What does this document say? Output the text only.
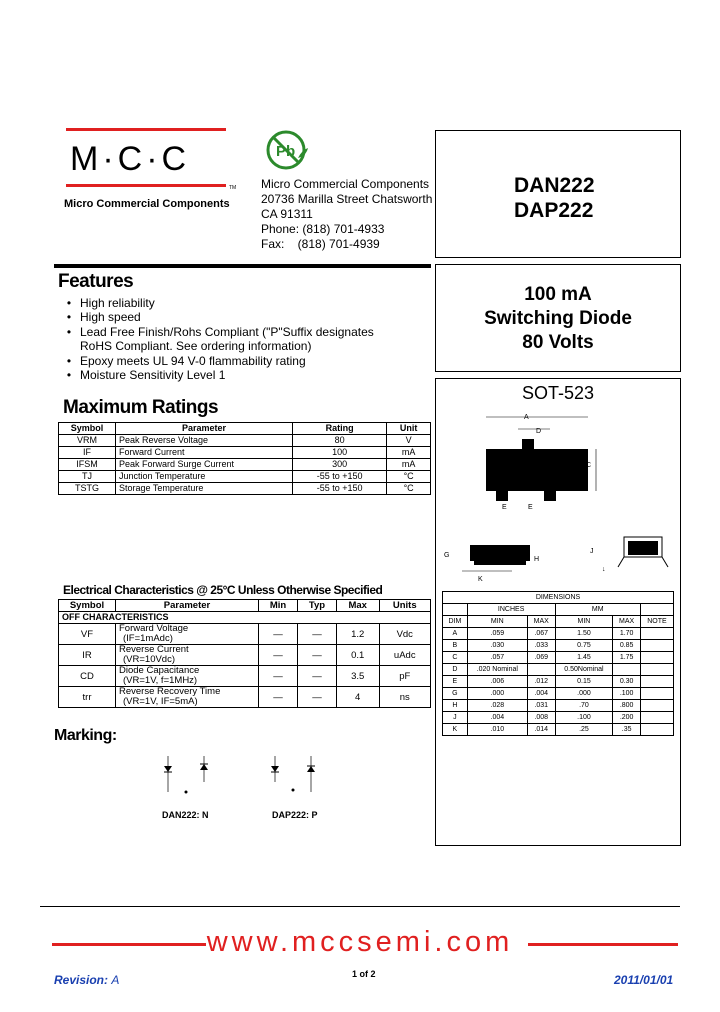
M·C·C
TM
Micro Commercial Components
Pb
Micro Commercial Components
20736 Marilla Street Chatsworth
CA 91311
Phone: (818) 701-4933
Fax:    (818) 701-4939
DAN222
DAP222
100 mA
Switching Diode
80 Volts
SOT-523
A
D
B
C
E	E
G
H
K
J
↓
DIMENSIONS					
	INCHES		MM		
DIM	MIN	MAX	MIN	MAX	NOTE
A	.059	.067	1.50	1.70	
B	.030	.033	0.75	0.85	
C	.057	.069	1.45	1.75	
D	.020 Nominal		0.50Nominal		
E	.006	.012	0.15	0.30	
G	.000	.004	.000	.100	
H	.028	.031	.70	.800	
J	.004	.008	.100	.200	
K	.010	.014	.25	.35	
Features
• High reliability
• High speed
• Lead Free Finish/Rohs Compliant ("P"Suffix designates
RoHS Compliant. See ordering information)
• Epoxy meets UL 94 V-0 flammability rating
• Moisture Sensitivity Level 1
Maximum Ratings
Symbol	Parameter	Rating	Unit
VRM	Peak Reverse Voltage	80	V
IF	Forward Current	100	mA
IFSM	Peak Forward Surge Current	300	mA
TJ	Junction Temperature	-55 to +150	°C
TSTG	Storage Temperature	-55 to +150	°C
Electrical Characteristics @ 25°C Unless Otherwise Specified
Symbol	Parameter	Min	Typ	Max	Units
OFF CHARACTERISTICS					
VF	Forward Voltage
(IF=1mAdc)	—	—	1.2	Vdc
IR	Reverse Current
(VR=10Vdc)	—	—	0.1	uAdc
CD	Diode Capacitance
(VR=1V, f=1MHz)	—	—	3.5	pF
trr	Reverse Recovery Time
(VR=1V, IF=5mA)	—	—	4	ns
Marking:
DAN222: N	DAP222: P
www.mccsemi.com
Revision: A	1 of 2	2011/01/01
